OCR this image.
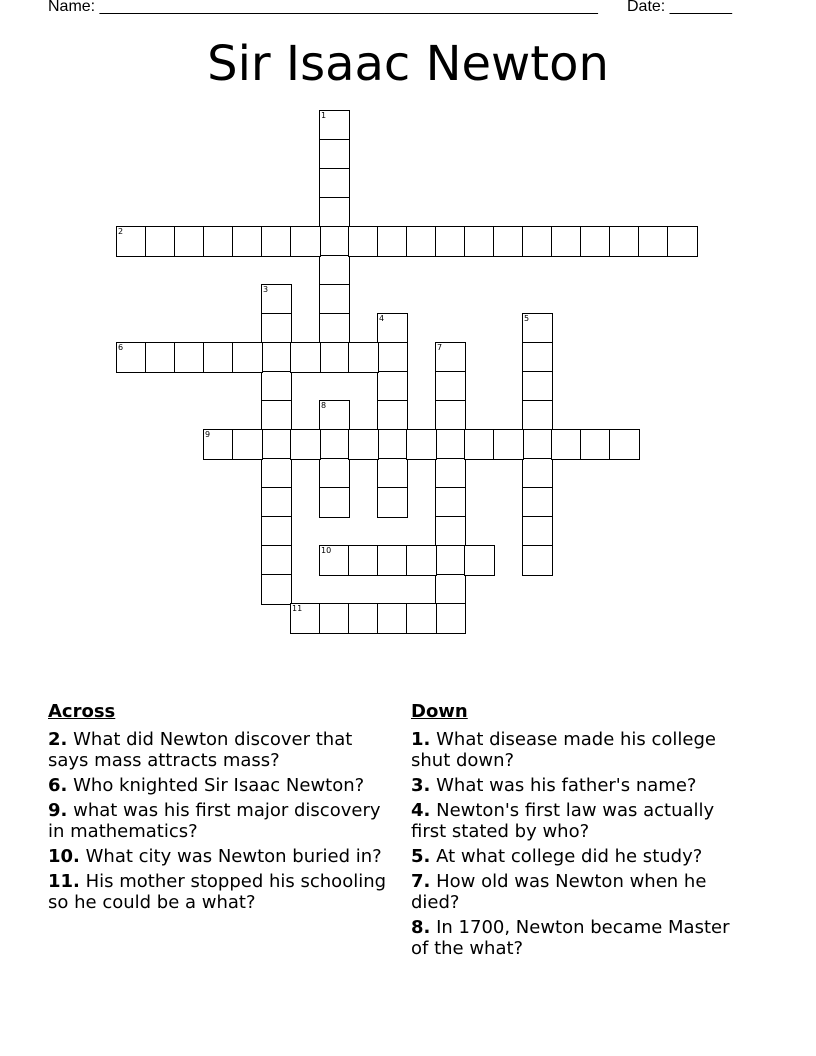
Name: ________________________________________________________

Date: _______

Sir Isaac Newton
1
2
3
4	5
6	7
8
9
10
11
Across
2. What did Newton discover that says mass attracts mass?
6. Who knighted Sir Isaac Newton?
9. what was his first major discovery in mathematics?
10. What city was Newton buried in?
11. His mother stopped his schooling so he could be a what?
Down
1. What disease made his college shut down?
3. What was his father's name?
4. Newton's first law was actually first stated by who?
5. At what college did he study?
7. How old was Newton when he died?
8. In 1700, Newton became Master of the what?
